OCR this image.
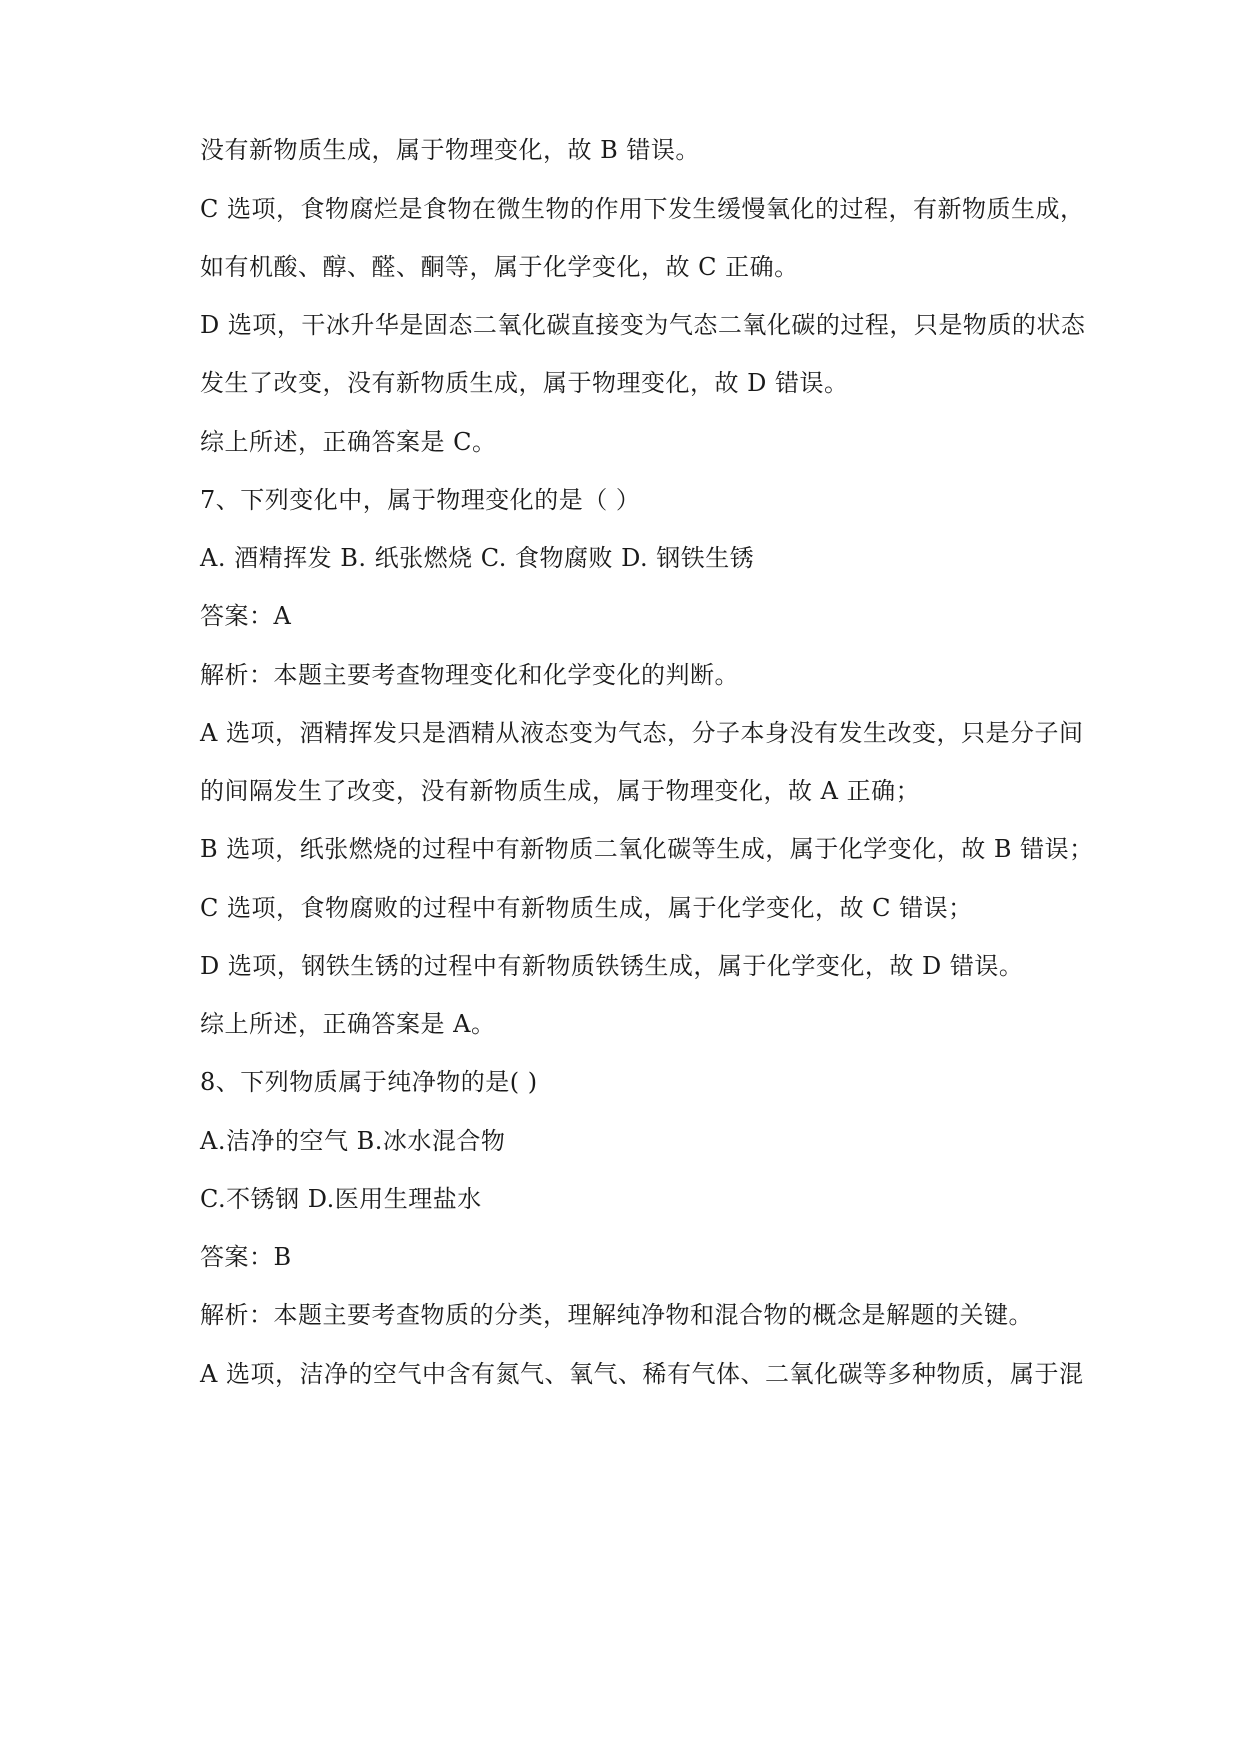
没有新物质生成，属于物理变化，故 B 错误。

C 选项，食物腐烂是食物在微生物的作用下发生缓慢氧化的过程，有新物质生成，

如有机酸、醇、醛、酮等，属于化学变化，故 C 正确。

D 选项，干冰升华是固态二氧化碳直接变为气态二氧化碳的过程，只是物质的状态

发生了改变，没有新物质生成，属于物理变化，故 D 错误。

综上所述，正确答案是 C。

7、下列变化中，属于物理变化的是（ ）

A. 酒精挥发 B. 纸张燃烧 C. 食物腐败 D. 钢铁生锈

答案：A

解析：本题主要考查物理变化和化学变化的判断。

A 选项，酒精挥发只是酒精从液态变为气态，分子本身没有发生改变，只是分子间

的间隔发生了改变，没有新物质生成，属于物理变化，故 A 正确；

B 选项，纸张燃烧的过程中有新物质二氧化碳等生成，属于化学变化，故 B 错误；

C 选项，食物腐败的过程中有新物质生成，属于化学变化，故 C 错误；

D 选项，钢铁生锈的过程中有新物质铁锈生成，属于化学变化，故 D 错误。

综上所述，正确答案是 A。

8、下列物质属于纯净物的是( )

A.洁净的空气 B.冰水混合物

C.不锈钢 D.医用生理盐水

答案：B

解析：本题主要考查物质的分类，理解纯净物和混合物的概念是解题的关键。

A 选项，洁净的空气中含有氮气、氧气、稀有气体、二氧化碳等多种物质，属于混
